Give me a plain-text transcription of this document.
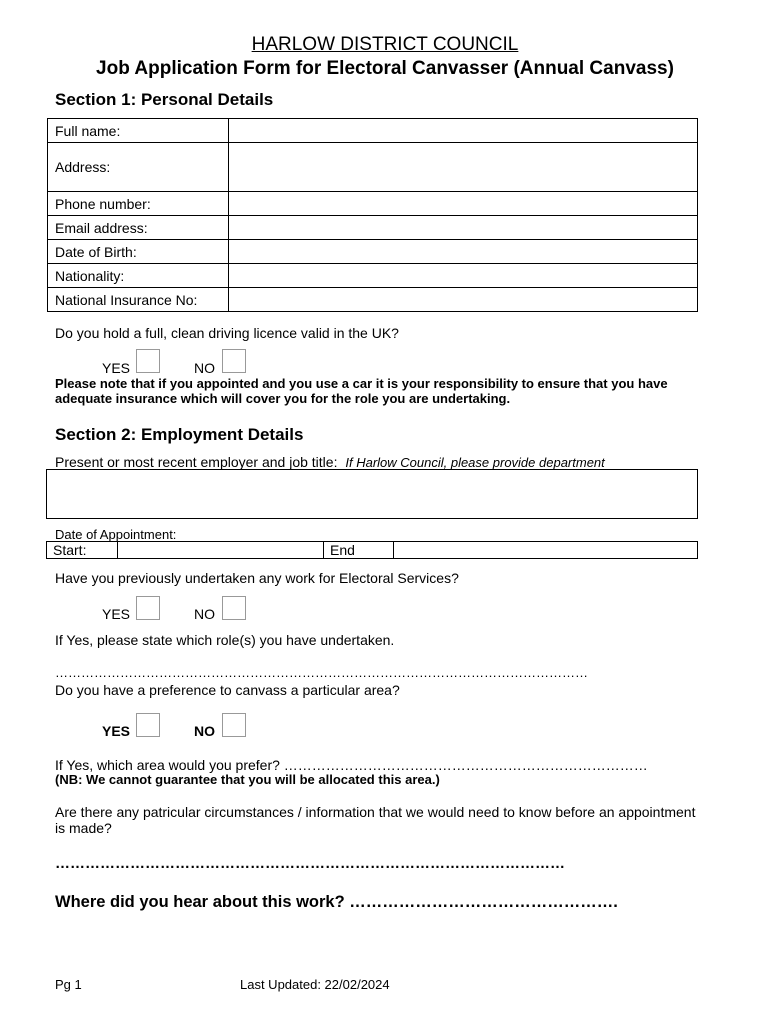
HARLOW DISTRICT COUNCIL
Job Application Form for Electoral Canvasser (Annual Canvass)
Section 1: Personal Details
Full name:	
Address:	
Phone number:	
Email address:	
Date of Birth:	
Nationality:	
National Insurance No:	
Do you hold a full, clean driving licence valid in the UK?
YES	NO
Please note that if you appointed and you use a car it is your responsibility to ensure that you have adequate insurance which will cover you for the role you are undertaking.
Section 2: Employment Details
Present or most recent employer and job title: If Harlow Council, please provide department
Date of Appointment:
Start:		End	
Have you previously undertaken any work for Electoral Services?
YES	NO
If Yes, please state which role(s) you have undertaken.
……………………………………………………………………………………………………………
Do you have a preference to canvass a particular area?
YES	NO
If Yes, which area would you prefer? ……………………………………………………………………
(NB: We cannot guarantee that you will be allocated this area.)
Are there any patricular circumstances / information that we would need to know before an appointment is made?
…………………………………………………………………………………………
Where did you hear about this work? ………………………………………….
Pg 1	Last Updated: 22/02/2024
